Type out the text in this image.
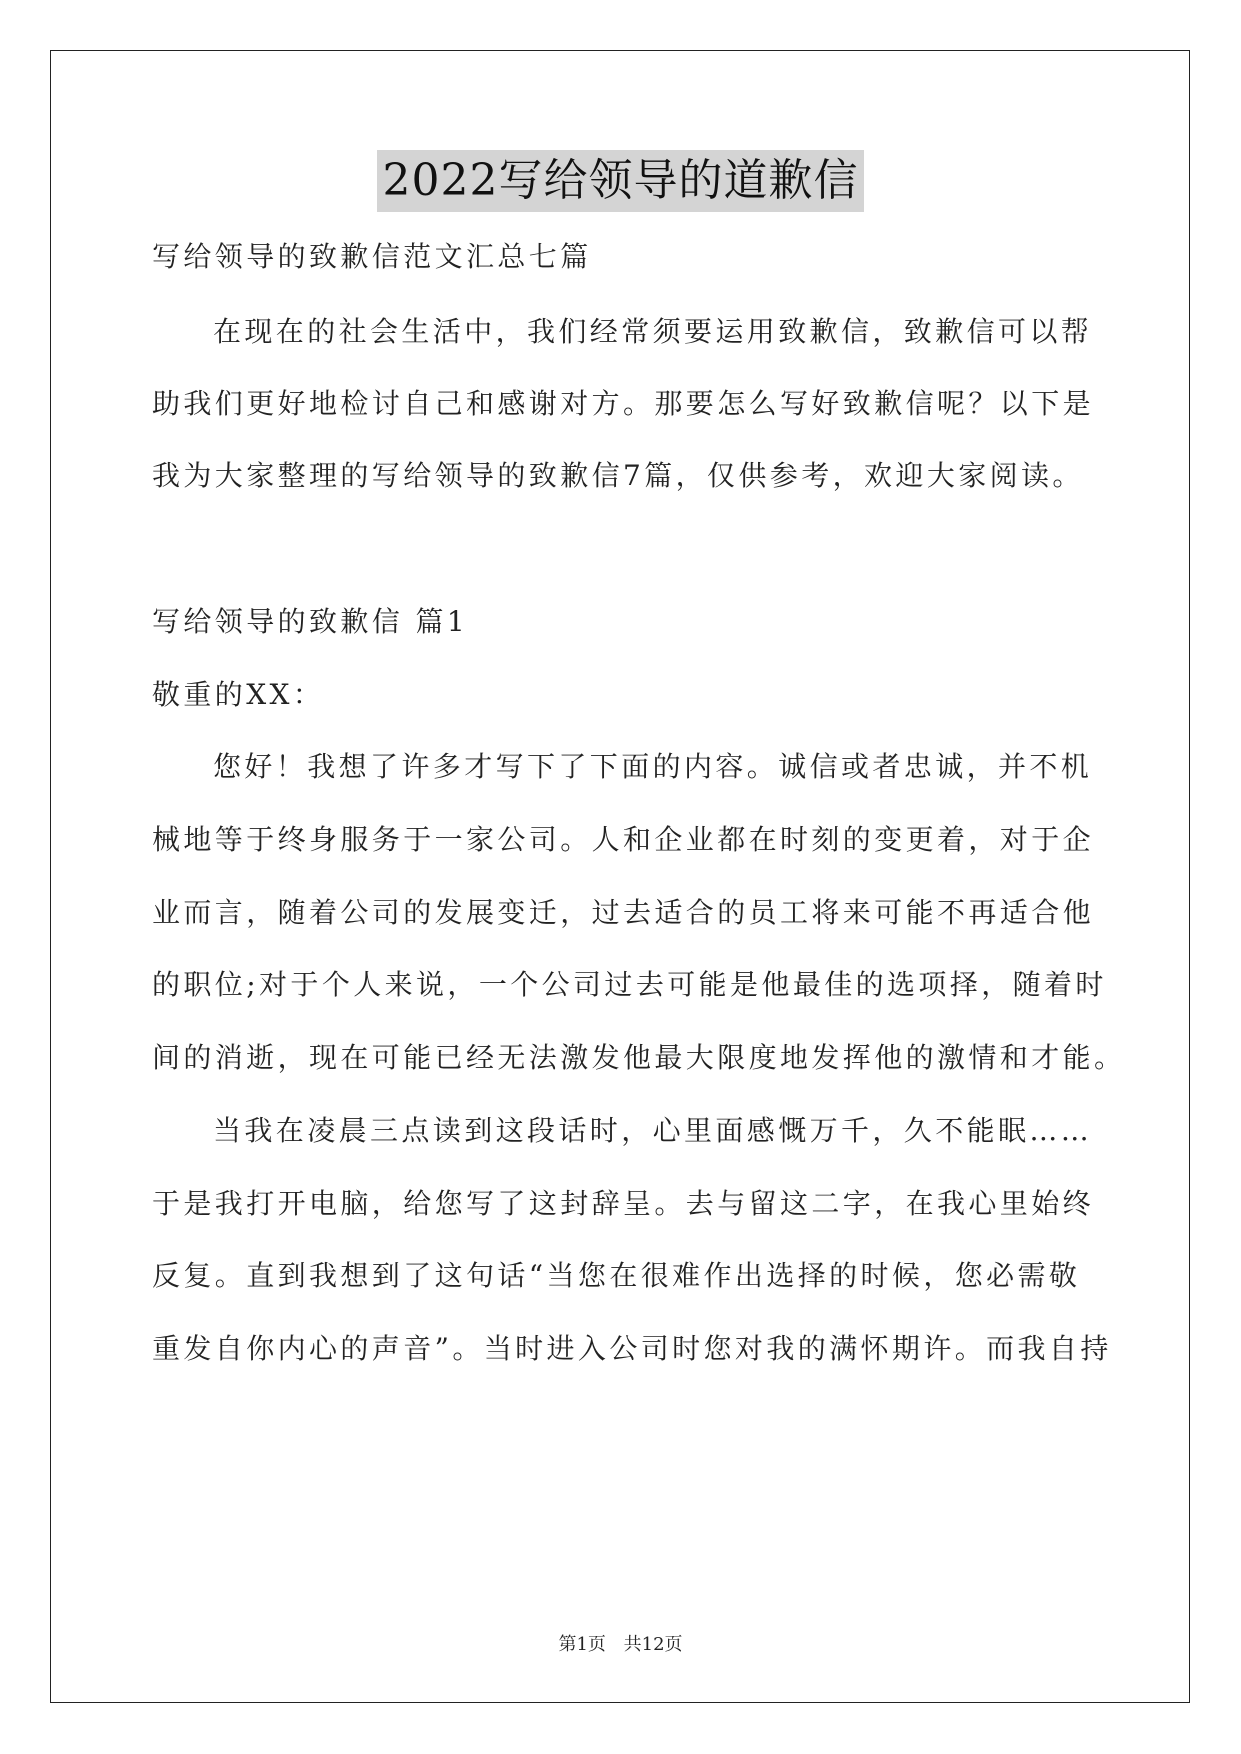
2022写给领导的道歉信
写给领导的致歉信范文汇总七篇
在现在的社会生活中，我们经常须要运用致歉信，致歉信可以帮
助我们更好地检讨自己和感谢对方。那要怎么写好致歉信呢？以下是
我为大家整理的写给领导的致歉信7篇，仅供参考，欢迎大家阅读。
写给领导的致歉信 篇1
敬重的XX：
您好！我想了许多才写下了下面的内容。诚信或者忠诚，并不机
械地等于终身服务于一家公司。人和企业都在时刻的变更着，对于企
业而言，随着公司的发展变迁，过去适合的员工将来可能不再适合他
的职位;对于个人来说，一个公司过去可能是他最佳的选项择，随着时
间的消逝，现在可能已经无法激发他最大限度地发挥他的激情和才能。
当我在凌晨三点读到这段话时，心里面感慨万千，久不能眠……
于是我打开电脑，给您写了这封辞呈。去与留这二字，在我心里始终
反复。直到我想到了这句话“当您在很难作出选择的时候，您必需敬
重发自你内心的声音”。当时进入公司时您对我的满怀期许。而我自持
第1页 共12页
